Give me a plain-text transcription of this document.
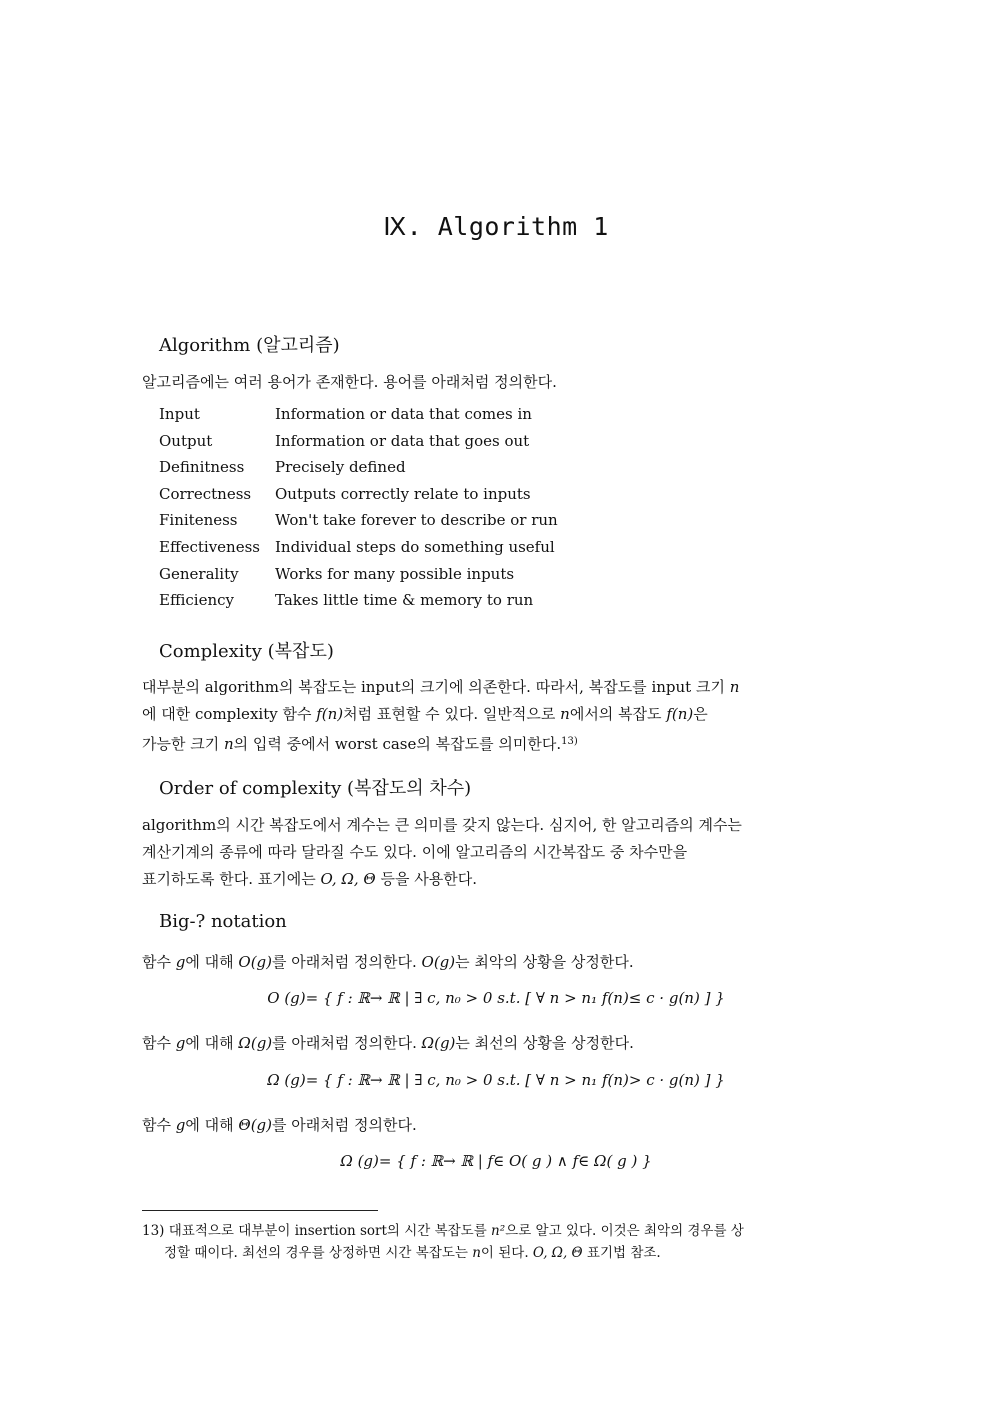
Ⅸ. Algorithm 1
Algorithm (알고리즘)
알고리즘에는 여러 용어가 존재한다. 용어를 아래처럼 정의한다.
Input	Information or data that comes in
Output	Information or data that goes out
Definitness Precisely defined
Correctness Outputs correctly relate to inputs
Finiteness Won't take forever to describe or run
Effectiveness Individual steps do something useful
Generality Works for many possible inputs
Efficiency	Takes little time & memory to run
Complexity (복잡도)
대부분의 algorithm의 복잡도는 input의 크기에 의존한다. 따라서, 복잡도를 input 크기 n
에 대한 complexity 함수 f(n)처럼 표현할 수 있다. 일반적으로 n에서의 복잡도 f(n)은
가능한 크기 n의 입력 중에서 worst case의 복잡도를 의미한다.$^{13)}$
Order of complexity (복잡도의 차수)
algorithm의 시간 복잡도에서 계수는 큰 의미를 갖지 않는다. 심지어, 한 알고리즘의 계수는
계산기계의 종류에 따라 달라질 수도 있다. 이에 알고리즘의 시간복잡도 중 차수만을
표기하도록 한다. 표기에는 O, Ω, Θ 등을 사용한다.
Big-? notation
함수 g에 대해 O(g)를 아래처럼 정의한다. O(g)는 최악의 상황을 상정한다.
O (g)= { f : ℝ→ ℝ | ∃ c, n₀ > 0 s.t. [ ∀ n > n₁ f(n)≤ c · g(n) ] }
함수 g에 대해 Ω(g)를 아래처럼 정의한다. Ω(g)는 최선의 상황을 상정한다.
Ω (g)= { f : ℝ→ ℝ | ∃ c, n₀ > 0 s.t. [ ∀ n > n₁ f(n)> c · g(n) ] }
함수 g에 대해 Θ(g)를 아래처럼 정의한다.
Ω (g)= { f : ℝ→ ℝ | f∈ O( g ) ∧ f∈ Ω( g ) }
13) 대표적으로 대부분이 insertion sort의 시간 복잡도를 n²으로 알고 있다. 이것은 최악의 경우를 상
정할 때이다. 최선의 경우를 상정하면 시간 복잡도는 n이 된다. O, Ω, Θ 표기법 참조.
